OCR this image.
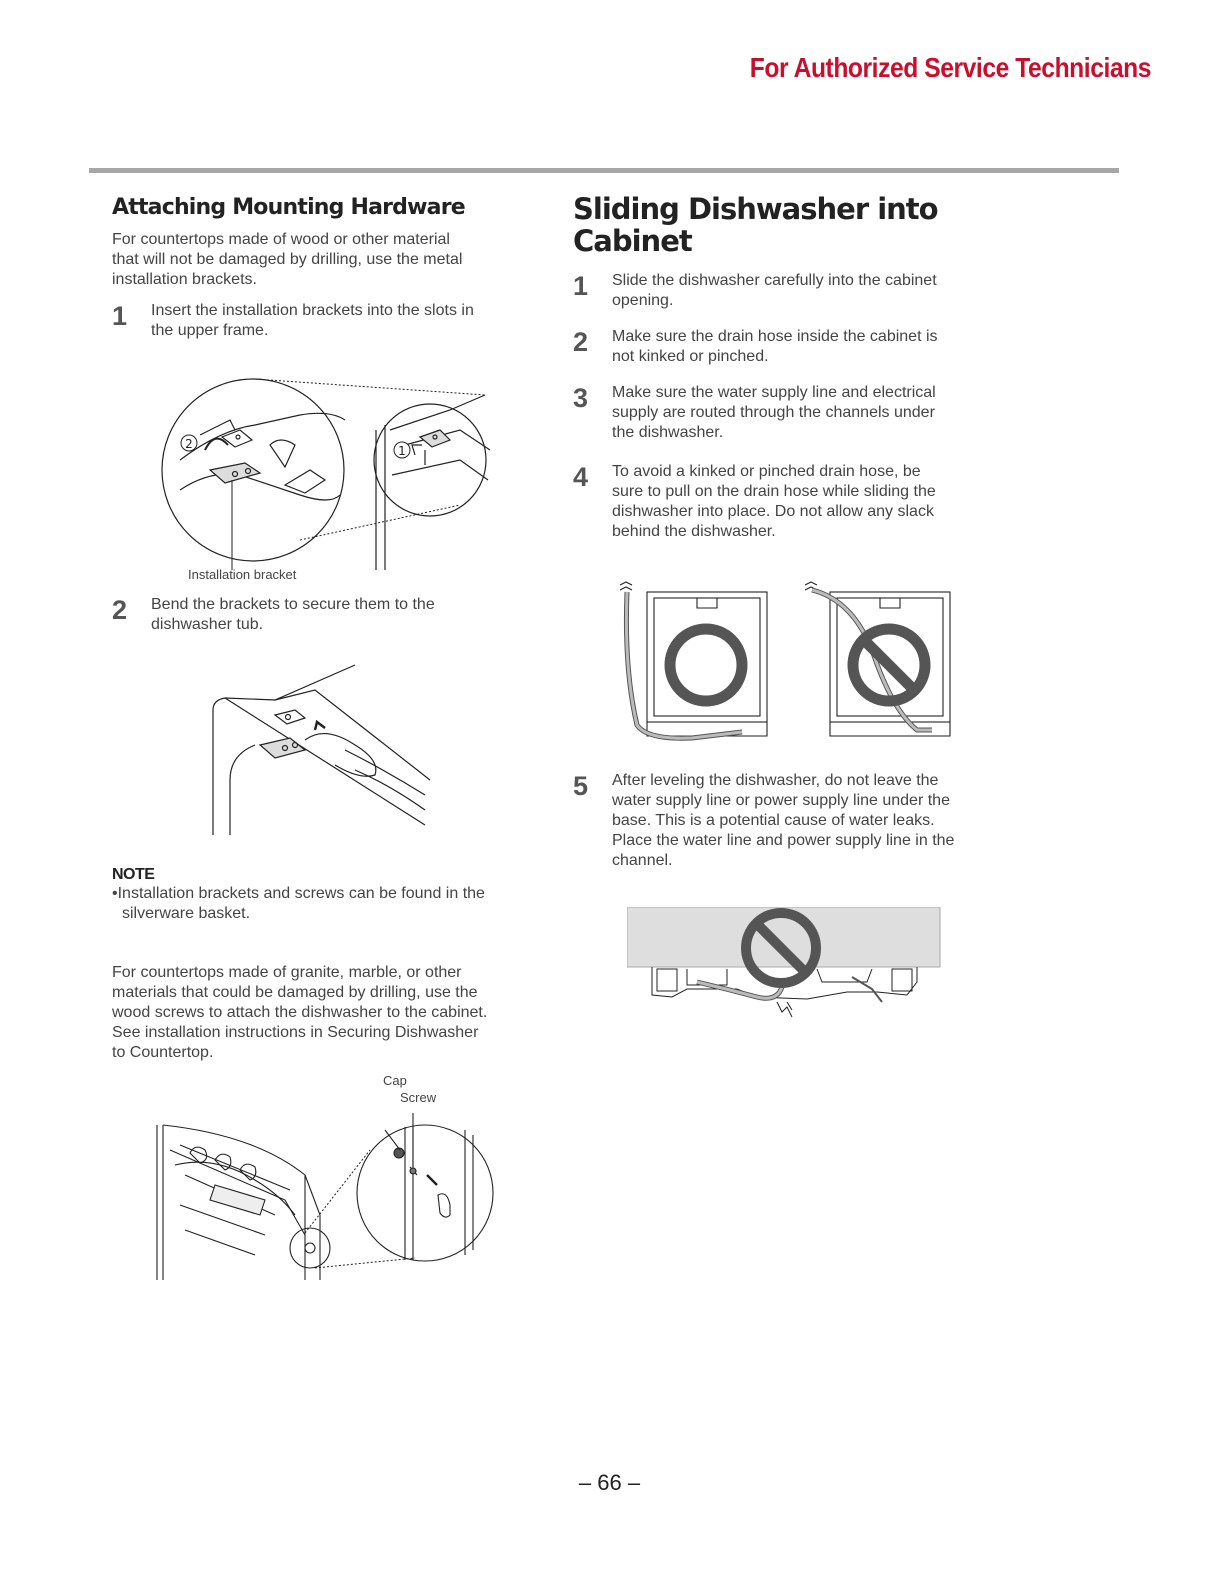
For Authorized Service Technicians
Attaching Mounting Hardware
For countertops made of wood or other material
that will not be damaged by drilling, use the metal
installation brackets.
1 Insert the installation brackets into the slots in
the upper frame.
2	1
Installation bracket
2 Bend the brackets to secure them to the
dishwasher tub.
NOTE
•Installation brackets and screws can be found in the
silverware basket.
For countertops made of granite, marble, or other
materials that could be damaged by drilling, use the
wood screws to attach the dishwasher to the cabinet.
See installation instructions in Securing Dishwasher
to Countertop.
Cap
Screw
Sliding Dishwasher into
Cabinet
1 Slide the dishwasher carefully into the cabinet
opening.
2 Make sure the drain hose inside the cabinet is
not kinked or pinched.
3 Make sure the water supply line and electrical
supply are routed through the channels under
the dishwasher.
4 To avoid a kinked or pinched drain hose, be
sure to pull on the drain hose while sliding the
dishwasher into place. Do not allow any slack
behind the dishwasher.
5 After leveling the dishwasher, do not leave the
water supply line or power supply line under the
base. This is a potential cause of water leaks.
Place the water line and power supply line in the
channel.
– 66 –
